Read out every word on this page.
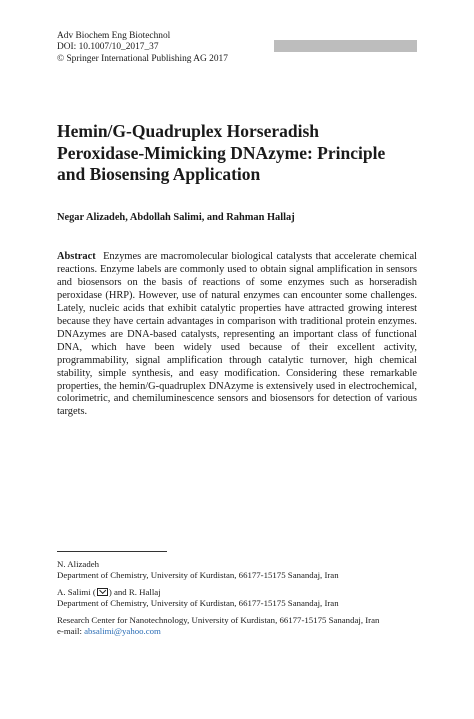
Adv Biochem Eng Biotechnol
DOI: 10.1007/10_2017_37
© Springer International Publishing AG 2017
Hemin/G-Quadruplex Horseradish
Peroxidase-Mimicking DNAzyme: Principle
and Biosensing Application
Negar Alizadeh, Abdollah Salimi, and Rahman Hallaj
Abstract Enzymes are macromolecular biological catalysts that accelerate chemical reactions. Enzyme labels are commonly used to obtain signal amplification in sensors and biosensors on the basis of reactions of some enzymes such as horseradish peroxidase (HRP). However, use of natural enzymes can encounter some challenges. Lately, nucleic acids that exhibit catalytic properties have attracted growing interest because they have certain advantages in comparison with traditional protein enzymes. DNAzymes are DNA-based catalysts, representing an important class of functional DNA, which have been widely used because of their excellent activity, programmability, signal amplification through catalytic turnover, high chemical stability, simple synthesis, and easy modification. Considering these remarkable properties, the hemin/G-quadruplex DNAzyme is extensively used in electrochemical, colorimetric, and chemiluminescence sensors and biosensors for detection of various targets.
N. Alizadeh
Department of Chemistry, University of Kurdistan, 66177-15175 Sanandaj, Iran
A. Salimi ( ) and R. Hallaj
Department of Chemistry, University of Kurdistan, 66177-15175 Sanandaj, Iran
Research Center for Nanotechnology, University of Kurdistan, 66177-15175 Sanandaj, Iran
e-mail: absalimi@yahoo.com
